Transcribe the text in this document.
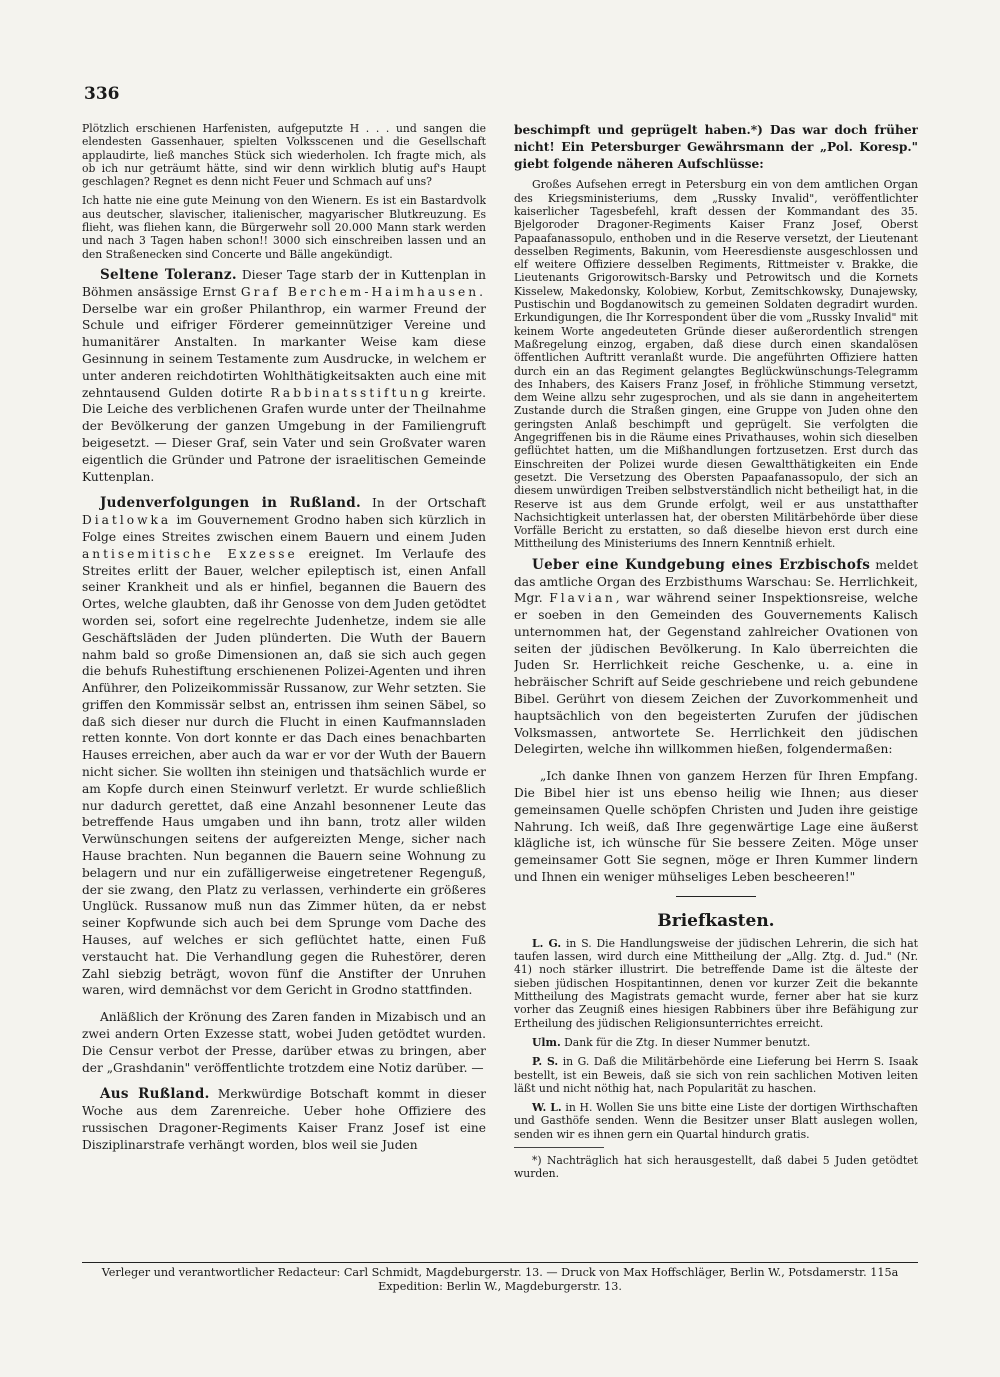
336

Plötzlich erschienen Harfenisten, aufgeputzte H . . . und sangen die elendesten Gassenhauer, spielten Volksscenen und die Gesellschaft applaudirte, ließ manches Stück sich wiederholen. Ich fragte mich, als ob ich nur geträumt hätte, sind wir denn wirklich blutig auf's Haupt geschlagen? Regnet es denn nicht Feuer und Schmach auf uns?

Ich hatte nie eine gute Meinung von den Wienern. Es ist ein Bastardvolk aus deutscher, slavischer, italienischer, magyarischer Blutkreuzung. Es flieht, was fliehen kann, die Bürgerwehr soll 20.000 Mann stark werden und nach 3 Tagen haben schon!! 3000 sich einschreiben lassen und an den Straßenecken sind Concerte und Bälle angekündigt.

Seltene Toleranz. Dieser Tage starb der in Kuttenplan in Böhmen ansässige Ernst Graf Berchem-Haimhausen. Derselbe war ein großer Philanthrop, ein warmer Freund der Schule und eifriger Förderer gemeinnütziger Vereine und humanitärer Anstalten. In markanter Weise kam diese Gesinnung in seinem Testamente zum Ausdrucke, in welchem er unter anderen reichdotirten Wohlthätigkeitsakten auch eine mit zehntausend Gulden dotirte Rabbinatsstiftung kreirte. Die Leiche des verblichenen Grafen wurde unter der Theilnahme der Bevölkerung der ganzen Umgebung in der Familiengruft beigesetzt. — Dieser Graf, sein Vater und sein Großvater waren eigentlich die Gründer und Patrone der israelitischen Gemeinde Kuttenplan.

Judenverfolgungen in Rußland. In der Ortschaft Diatlowka im Gouvernement Grodno haben sich kürzlich in Folge eines Streites zwischen einem Bauern und einem Juden antisemitische Exzesse ereignet. Im Verlaufe des Streites erlitt der Bauer, welcher epileptisch ist, einen Anfall seiner Krankheit und als er hinfiel, begannen die Bauern des Ortes, welche glaubten, daß ihr Genosse von dem Juden getödtet worden sei, sofort eine regelrechte Judenhetze, indem sie alle Geschäftsläden der Juden plünderten. Die Wuth der Bauern nahm bald so große Dimensionen an, daß sie sich auch gegen die behufs Ruhestiftung erschienenen Polizei-Agenten und ihren Anführer, den Polizeikommissär Russanow, zur Wehr setzten. Sie griffen den Kommissär selbst an, entrissen ihm seinen Säbel, so daß sich dieser nur durch die Flucht in einen Kaufmannsladen retten konnte. Von dort konnte er das Dach eines benachbarten Hauses erreichen, aber auch da war er vor der Wuth der Bauern nicht sicher. Sie wollten ihn steinigen und thatsächlich wurde er am Kopfe durch einen Steinwurf verletzt. Er wurde schließlich nur dadurch gerettet, daß eine Anzahl besonnener Leute das betreffende Haus umgaben und ihn bann, trotz aller wilden Verwünschungen seitens der aufgereizten Menge, sicher nach Hause brachten. Nun begannen die Bauern seine Wohnung zu belagern und nur ein zufälligerweise eingetretener Regenguß, der sie zwang, den Platz zu verlassen, verhinderte ein größeres Unglück. Russanow muß nun das Zimmer hüten, da er nebst seiner Kopfwunde sich auch bei dem Sprunge vom Dache des Hauses, auf welches er sich geflüchtet hatte, einen Fuß verstaucht hat. Die Verhandlung gegen die Ruhestörer, deren Zahl siebzig beträgt, wovon fünf die Anstifter der Unruhen waren, wird demnächst vor dem Gericht in Grodno stattfinden.

Anläßlich der Krönung des Zaren fanden in Mizabisch und an zwei andern Orten Exzesse statt, wobei Juden getödtet wurden. Die Censur verbot der Presse, darüber etwas zu bringen, aber der „Grashdanin" veröffentlichte trotzdem eine Notiz darüber. —

Aus Rußland. Merkwürdige Botschaft kommt in dieser Woche aus dem Zarenreiche. Ueber hohe Offiziere des russischen Dragoner-Regiments Kaiser Franz Josef ist eine Disziplinarstrafe verhängt worden, blos weil sie Juden

beschimpft und geprügelt haben.*) Das war doch früher nicht! Ein Petersburger Gewährsmann der „Pol. Koresp." giebt folgende näheren Aufschlüsse:

Großes Aufsehen erregt in Petersburg ein von dem amtlichen Organ des Kriegsministeriums, dem „Russky Invalid", veröffentlichter kaiserlicher Tagesbefehl, kraft dessen der Kommandant des 35. Bjelgoroder Dragoner-Regiments Kaiser Franz Josef, Oberst Papaafanassopulo, enthoben und in die Reserve versetzt, der Lieutenant desselben Regiments, Bakunin, vom Heeresdienste ausgeschlossen und elf weitere Offiziere desselben Regiments, Rittmeister v. Brakke, die Lieutenants Grigorowitsch-Barsky und Petrowitsch und die Kornets Kisselew, Makedonsky, Kolobiew, Korbut, Zemitschkowsky, Dunajewsky, Pustischin und Bogdanowitsch zu gemeinen Soldaten degradirt wurden. Erkundigungen, die Ihr Korrespondent über die vom „Russky Invalid" mit keinem Worte angedeuteten Gründe dieser außerordentlich strengen Maßregelung einzog, ergaben, daß diese durch einen skandalösen öffentlichen Auftritt veranlaßt wurde. Die angeführten Offiziere hatten durch ein an das Regiment gelangtes Beglückwünschungs-Telegramm des Inhabers, des Kaisers Franz Josef, in fröhliche Stimmung versetzt, dem Weine allzu sehr zugesprochen, und als sie dann in angeheitertem Zustande durch die Straßen gingen, eine Gruppe von Juden ohne den geringsten Anlaß beschimpft und geprügelt. Sie verfolgten die Angegriffenen bis in die Räume eines Privathauses, wohin sich dieselben geflüchtet hatten, um die Mißhandlungen fortzusetzen. Erst durch das Einschreiten der Polizei wurde diesen Gewaltthätigkeiten ein Ende gesetzt. Die Versetzung des Obersten Papaafanassopulo, der sich an diesem unwürdigen Treiben selbstverständlich nicht betheiligt hat, in die Reserve ist aus dem Grunde erfolgt, weil er aus unstatthafter Nachsichtigkeit unterlassen hat, der obersten Militärbehörde über diese Vorfälle Bericht zu erstatten, so daß dieselbe hievon erst durch eine Mittheilung des Ministeriums des Innern Kenntniß erhielt.

Ueber eine Kundgebung eines Erzbischofs meldet das amtliche Organ des Erzbisthums Warschau: Se. Herrlichkeit, Mgr. Flavian, war während seiner Inspektionsreise, welche er soeben in den Gemeinden des Gouvernements Kalisch unternommen hat, der Gegenstand zahlreicher Ovationen von seiten der jüdischen Bevölkerung. In Kalo überreichten die Juden Sr. Herrlichkeit reiche Geschenke, u. a. eine in hebräischer Schrift auf Seide geschriebene und reich gebundene Bibel. Gerührt von diesem Zeichen der Zuvorkommenheit und hauptsächlich von den begeisterten Zurufen der jüdischen Volksmassen, antwortete Se. Herrlichkeit den jüdischen Delegirten, welche ihn willkommen hießen, folgendermaßen:

„Ich danke Ihnen von ganzem Herzen für Ihren Empfang. Die Bibel hier ist uns ebenso heilig wie Ihnen; aus dieser gemeinsamen Quelle schöpfen Christen und Juden ihre geistige Nahrung. Ich weiß, daß Ihre gegenwärtige Lage eine äußerst klägliche ist, ich wünsche für Sie bessere Zeiten. Möge unser gemeinsamer Gott Sie segnen, möge er Ihren Kummer lindern und Ihnen ein weniger mühseliges Leben bescheeren!"

Briefkasten.

L. G. in S. Die Handlungsweise der jüdischen Lehrerin, die sich hat taufen lassen, wird durch eine Mittheilung der „Allg. Ztg. d. Jud." (Nr. 41) noch stärker illustrirt. Die betreffende Dame ist die älteste der sieben jüdischen Hospitantinnen, denen vor kurzer Zeit die bekannte Mittheilung des Magistrats gemacht wurde, ferner aber hat sie kurz vorher das Zeugniß eines hiesigen Rabbiners über ihre Befähigung zur Ertheilung des jüdischen Religionsunterrichtes erreicht.

Ulm. Dank für die Ztg. In dieser Nummer benutzt.

P. S. in G. Daß die Militärbehörde eine Lieferung bei Herrn S. Isaak bestellt, ist ein Beweis, daß sie sich von rein sachlichen Motiven leiten läßt und nicht nöthig hat, nach Popularität zu haschen.

W. L. in H. Wollen Sie uns bitte eine Liste der dortigen Wirthschaften und Gasthöfe senden. Wenn die Besitzer unser Blatt auslegen wollen, senden wir es ihnen gern ein Quartal hindurch gratis.

*) Nachträglich hat sich herausgestellt, daß dabei 5 Juden getödtet wurden.

Verleger und verantwortlicher Redacteur: Carl Schmidt, Magdeburgerstr. 13. — Druck von Max Hoffschläger, Berlin W., Potsdamerstr. 115a

Expedition: Berlin W., Magdeburgerstr. 13.
